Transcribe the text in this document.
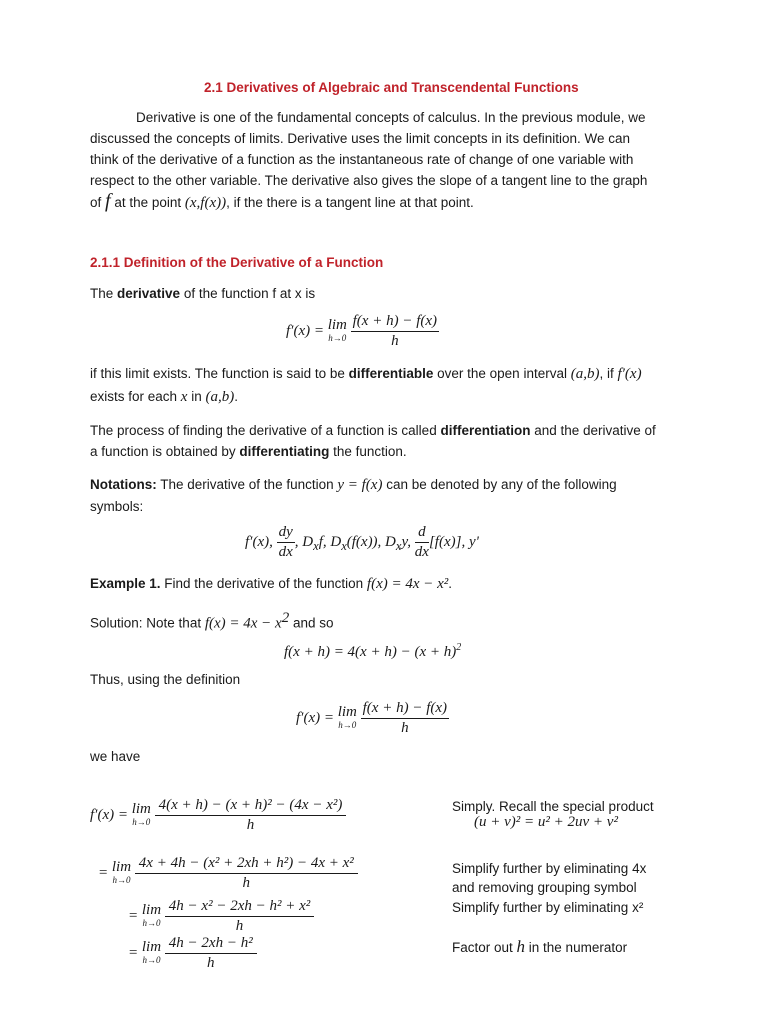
2.1 Derivatives of Algebraic and Transcendental Functions
Derivative is one of the fundamental concepts of calculus. In the previous module, we
discussed the concepts of limits. Derivative uses the limit concepts in its definition. We can
think of the derivative of a function as the instantaneous rate of change of one variable with
respect to the other variable. The derivative also gives the slope of a tangent line to the graph
of f at the point (x,f(x)), if the there is a tangent line at that point.
2.1.1 Definition of the Derivative of a Function
The derivative of the function f at x is
f′(x) = lim
h→0
$\frac{f(x + h) - f(x)}{h}$
if this limit exists. The function is said to be differentiable over the open interval (a,b), if f′(x)
exists for each x in (a,b).
The process of finding the derivative of a function is called differentiation and the derivative of
a function is obtained by differentiating the function.
Notations: The derivative of the function y = f(x) can be denoted by any of the following
symbols:
f′(x), $\frac{dy}{dx}$ , $D_xf$, $D_x(f(x))$, $D_xy$, $\frac{d}{dx} [f(x)]$, y'
Example 1. Find the derivative of the function f(x) = 4x − x².
Solution: Note that $f(x) = 4x - x^2$ and so
$f(x + h) = 4(x + h) - (x + h)^2$
Thus, using the definition
f′(x) = lim
h→0
$\frac{f(x + h) - f(x)}{h}$
we have
f′(x) = lim
h→0
$\frac{\text{4(x + h) − (x + h)² − (4x − x²)}}{h}$	Simply. Recall the special product
(u + v)² = u² + 2uv + v²
= lim
h→0
$\frac{\text{4x + 4h − (x² + 2xh + h²) − 4x + x²}}{h}$	Simplify further by eliminating 4x
and removing grouping symbol
= lim
h→0
$\frac{\text{4h − x² − 2xh − h² + x²}}{h}$	Simplify further by eliminating x²
= lim
h→0
$\frac{\text{4h − 2xh − h²}}{h}$	Factor out h in the numerator
